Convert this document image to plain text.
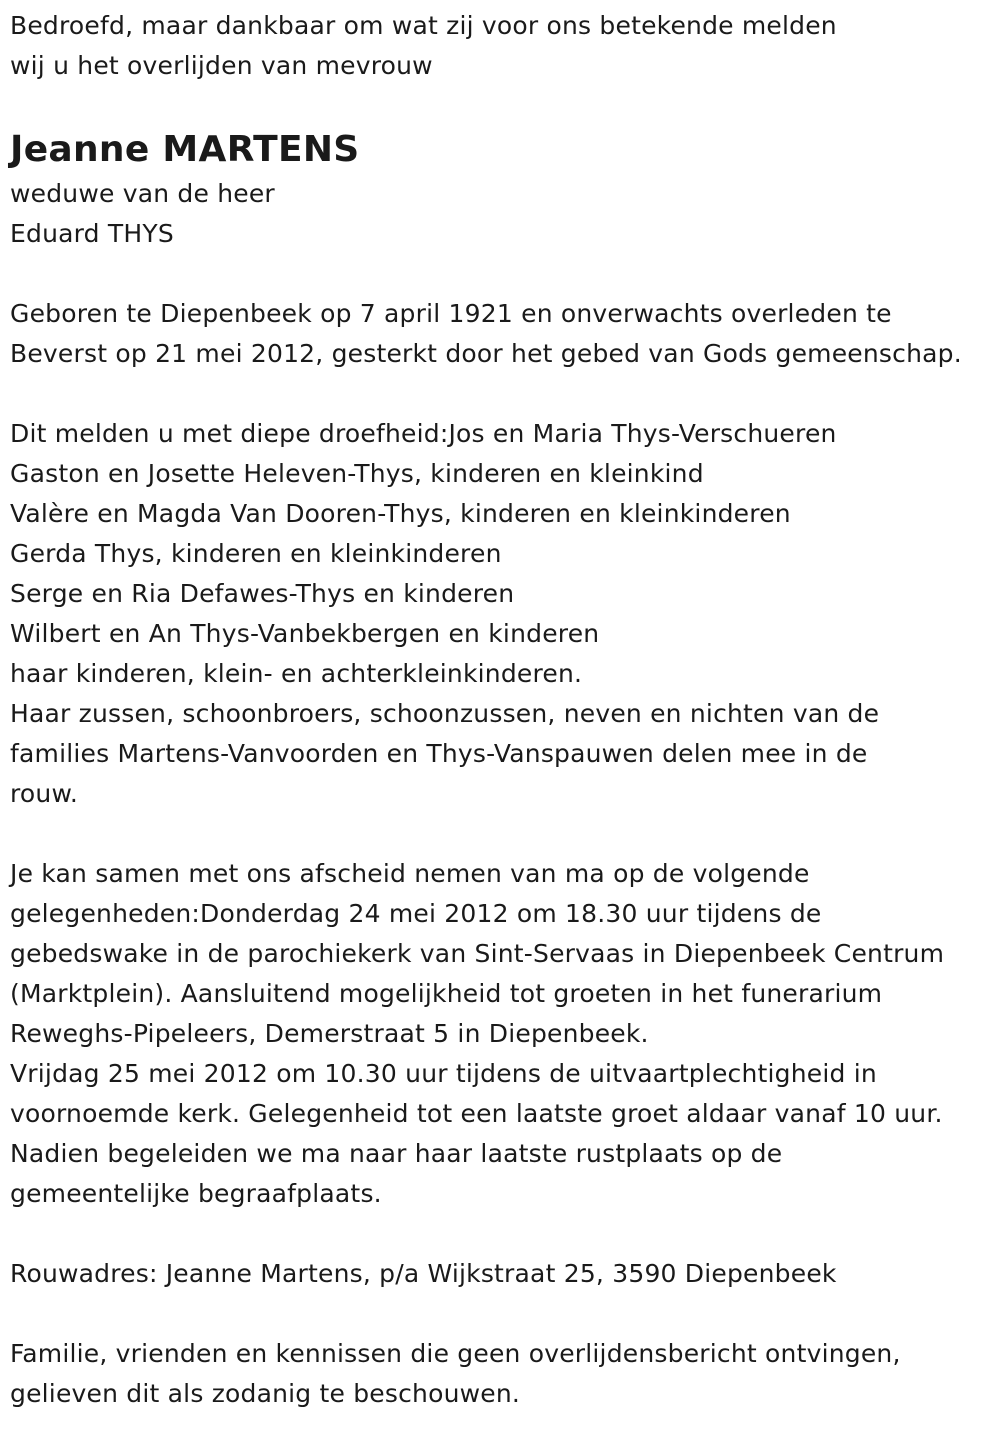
Bedroefd, maar dankbaar om wat zij voor ons betekende melden
wij u het overlijden van mevrouw
Jeanne MARTENS
weduwe van de heer
Eduard THYS
Geboren te Diepenbeek op 7 april 1921 en onverwachts overleden te
Beverst op 21 mei 2012, gesterkt door het gebed van Gods gemeenschap.
Dit melden u met diepe droefheid:Jos en Maria Thys-Verschueren
Gaston en Josette Heleven-Thys, kinderen en kleinkind
Valère en Magda Van Dooren-Thys, kinderen en kleinkinderen
Gerda Thys, kinderen en kleinkinderen
Serge en Ria Defawes-Thys en kinderen
Wilbert en An Thys-Vanbekbergen en kinderen
haar kinderen, klein- en achterkleinkinderen.
Haar zussen, schoonbroers, schoonzussen, neven en nichten van de
families Martens-Vanvoorden en Thys-Vanspauwen delen mee in de
rouw.
Je kan samen met ons afscheid nemen van ma op de volgende
gelegenheden:Donderdag 24 mei 2012 om 18.30 uur tijdens de
gebedswake in de parochiekerk van Sint-Servaas in Diepenbeek Centrum
(Marktplein). Aansluitend mogelijkheid tot groeten in het funerarium
Reweghs-Pipeleers, Demerstraat 5 in Diepenbeek.
Vrijdag 25 mei 2012 om 10.30 uur tijdens de uitvaartplechtigheid in
voornoemde kerk. Gelegenheid tot een laatste groet aldaar vanaf 10 uur.
Nadien begeleiden we ma naar haar laatste rustplaats op de
gemeentelijke begraafplaats.
Rouwadres: Jeanne Martens, p/a Wijkstraat 25, 3590 Diepenbeek
Familie, vrienden en kennissen die geen overlijdensbericht ontvingen,
gelieven dit als zodanig te beschouwen.
